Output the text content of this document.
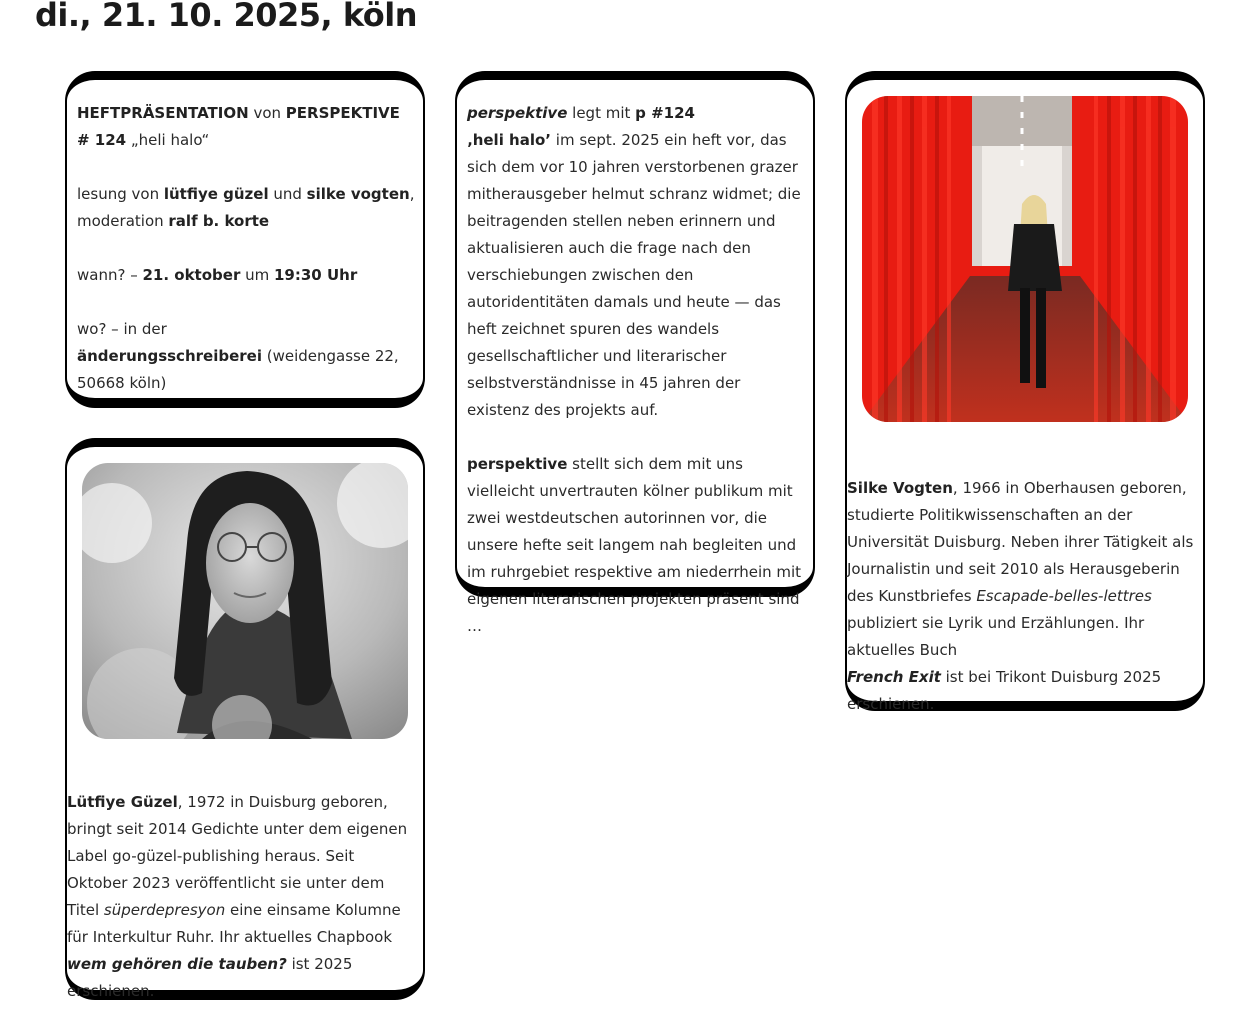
di., 21. 10. 2025, köln

HEFTPRÄSENTATION von PERSPEKTIVE # 124 „heli halo“

lesung von lütfiye güzel und silke vogten, moderation ralf b. korte

wann? – 21. oktober um 19:30 Uhr

wo? – in der

änderungsschreiberei (weidengasse 22, 50668 köln)

perspektive legt mit p #124
‚heli halo’ im sept. 2025 ein heft vor, das sich dem vor 10 jahren verstorbenen grazer mitherausgeber helmut schranz widmet; die beitragenden stellen neben erinnern und aktualisieren auch die frage nach den verschiebungen zwischen den autoridentitäten damals und heute — das heft zeichnet spuren des wandels gesellschaftlicher und literarischer selbstverständnisse in 45 jahren der existenz des projekts auf.

perspektive stellt sich dem mit uns vielleicht unvertrauten kölner publikum mit zwei westdeutschen autorinnen vor, die unsere hefte seit langem nah begleiten und im ruhrgebiet respektive am niederrhein mit eigenen literarischen projekten präsent sind …

Lütfiye Güzel, 1972 in Duisburg geboren, bringt seit 2014 Gedichte unter dem eigenen Label go-güzel-publishing heraus. Seit Oktober 2023 veröffentlicht sie unter dem Titel süperdepresyon eine einsame Kolumne für Interkultur Ruhr. Ihr aktuelles Chapbook wem gehören die tauben? ist 2025 erschienen.

Silke Vogten, 1966 in Oberhausen geboren, studierte Politikwissenschaften an der Universität Duisburg. Neben ihrer Tätigkeit als Journalistin und seit 2010 als Herausgeberin des Kunstbriefes Escapade-belles-lettres publiziert sie Lyrik und Erzählungen. Ihr aktuelles Buch
French Exit ist bei Trikont Duisburg 2025 erschienen.
